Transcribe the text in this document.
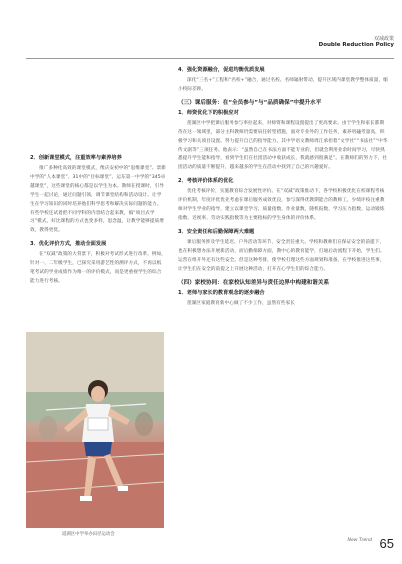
双减政策
Double Reduction Policy
2．创新课堂模式，注重效率与素养培养

推广多种化高效的课堂模式，像庆安初中的“思维课堂”、景新中学的“人本课堂”、31中的“目标课堂”、运东第一中学的“345卓越课堂”，这些课堂的核心都是以学生为本。教师在授课时，引导学生一起讨论，通过问题引领，调节课堂结构和活动设计。让学生在学习知识的同时培养他们科学思考和解决实际问题的能力。有些学校还试着把不同学科的内容结合起来教，搞“项目式学习”模式，好比课程的方式也变多样，思念温，让教学能够提质增效，教得更优。

3．优化评价方式，推动全面发展

在“双减”政策的大背景下，积极对考试形式进行改革，例如，针对一、二年级学生，已探究采用游艺性的测评方式，不再以纸笔考试的学业成绩作为唯一的评价模式，而是更重视学生的综合能力进行考核。

道湖区中学举办田径运动会
4．强化资源融合，促进均衡优质发展

深化“三名+”工程和“名校+”融合，通过名校、名师辐射带动，提升区域内课堂教学整体质量，缩小校际差距。

（三）课后服务：在“全员参与”与“品质确保”中提升水平
1．师资优化下的积极应对

莲湖区中学把课后服务参与率拉起来，对师资和课程设置提出了更高要求。由于学生和家长都期待在这一领域里，部分主科教师仍需要肩任转型措施，面对专业外的工作任务，素养叨磕考量高，积极学习和关项目设置。努力提升自己的指导能力。其中学语文教师周江承担着“文学社”“书法社”“中华传文剧等”三项任务。他表示：“虽然自己在书法方面不能专业的，但就会利用业余时间学习，尽快熟悉提升学生能和指导，看到学生们在社团活动中收获成长，我就感到很满足”。在教师们的努力下，社团活动的质量不断提升，越来越多的学生在活动中找到了自己的兴趣爱好。

2．考核评价体系的优化

优化考核评价，实施教育综合发展性评价。在“双减”政策推动下，各学校积极优化在校课程考核评价机制，年度评优优先考虑在课后服务成效优良，参与深得优教期能合的教师工，少绩评疫注重教师对学生学业的指导，建立以课堂学习、质量指数、作业量数、随机报数、学习压力指数、运动锻炼指数、近视率、劳动实践指数等为主要指标的学生身体的评价体系。

3．安全责任和后勤保障两大难题

课后服务涉及学生延迟、户外活动等环节，安全责任重大。学校和教师们在保证安全的前提下，也在积极想办法开展新活动，而后勤保障方面，教中心的教育能学，打通后动流程下开始，学生们。运营在组开外还有这些安全。但是这种考排，使学校打理这些方面规划和准备，在学校推进这些事，让学生们在安全的前提之上开展这种活动，打开在心学生们的综合能力。

（四）家校协同：在家校认知差异与责任边界中构建和谐关系
1．老师与家长的教育观念的逐步融合

莲湖区家庭教育新中心做了不少工作，虽然有些家长

New Trend 65
